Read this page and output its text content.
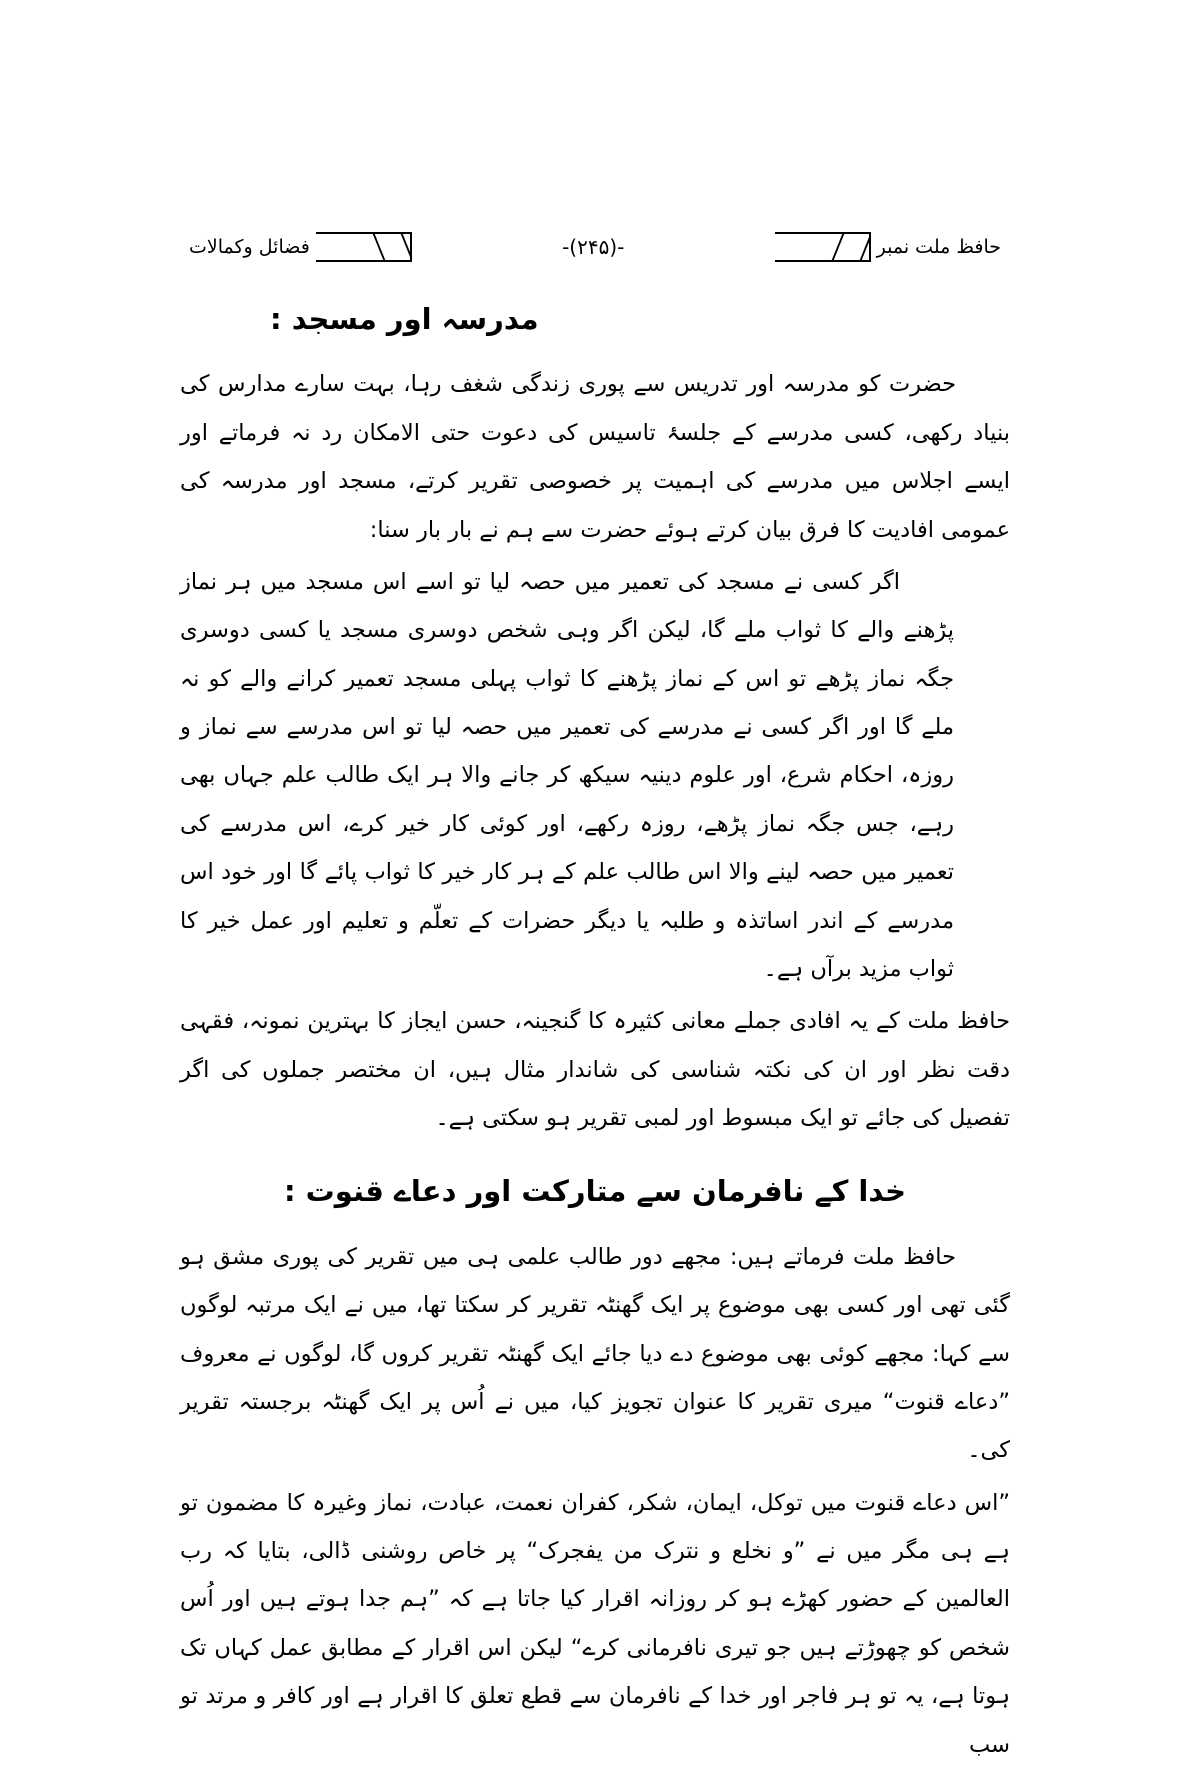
حافظ ملت نمبر
-(۲۴۵)-
فضائل وکمالات
مدرسہ اور مسجد :

حضرت کو مدرسہ اور تدریس سے پوری زندگی شغف رہا، بہت سارے مدارس کی بنیاد رکھی، کسی مدرسے کے جلسۂ تاسیس کی دعوت حتی الامکان رد نہ فرماتے اور ایسے اجلاس میں مدرسے کی اہمیت پر خصوصی تقریر کرتے، مسجد اور مدرسہ کی عمومی افادیت کا فرق بیان کرتے ہوئے حضرت سے ہم نے بار بار سنا:

اگر کسی نے مسجد کی تعمیر میں حصہ لیا تو اسے اس مسجد میں ہر نماز پڑھنے والے کا ثواب ملے گا، لیکن اگر وہی شخص دوسری مسجد یا کسی دوسری جگہ نماز پڑھے تو اس کے نماز پڑھنے کا ثواب پہلی مسجد تعمیر کرانے والے کو نہ ملے گا اور اگر کسی نے مدرسے کی تعمیر میں حصہ لیا تو اس مدرسے سے نماز و روزہ، احکام شرع، اور علوم دینیہ سیکھ کر جانے والا ہر ایک طالب علم جہاں بھی رہے، جس جگہ نماز پڑھے، روزہ رکھے، اور کوئی کار خیر کرے، اس مدرسے کی تعمیر میں حصہ لینے والا اس طالب علم کے ہر کار خیر کا ثواب پائے گا اور خود اس مدرسے کے اندر اساتذہ و طلبہ یا دیگر حضرات کے تعلّم و تعلیم اور عمل خیر کا ثواب مزید برآں ہے۔

حافظ ملت کے یہ افادی جملے معانی کثیرہ کا گنجینہ، حسن ایجاز کا بہترین نمونہ، فقہی دقت نظر اور ان کی نکتہ شناسی کی شاندار مثال ہیں، ان مختصر جملوں کی اگر تفصیل کی جائے تو ایک مبسوط اور لمبی تقریر ہو سکتی ہے۔

خدا کے نافرمان سے متارکت اور دعاے قنوت :

حافظ ملت فرماتے ہیں: مجھے دور طالب علمی ہی میں تقریر کی پوری مشق ہو گئی تھی اور کسی بھی موضوع پر ایک گھنٹہ تقریر کر سکتا تھا، میں نے ایک مرتبہ لوگوں سے کہا: مجھے کوئی بھی موضوع دے دیا جائے ایک گھنٹہ تقریر کروں گا، لوگوں نے معروف ”دعاے قنوت“ میری تقریر کا عنوان تجویز کیا، میں نے اُس پر ایک گھنٹہ برجستہ تقریر کی۔

”اس دعاے قنوت میں توکل، ایمان، شکر، کفران نعمت، عبادت، نماز وغیرہ کا مضمون تو ہے ہی مگر میں نے ”و نخلع و نترک من یفجرک“ پر خاص روشنی ڈالی، بتایا کہ رب العالمین کے حضور کھڑے ہو کر روزانہ اقرار کیا جاتا ہے کہ ”ہم جدا ہوتے ہیں اور اُس شخص کو چھوڑتے ہیں جو تیری نافرمانی کرے“ لیکن اس اقرار کے مطابق عمل کہاں تک ہوتا ہے، یہ تو ہر فاجر اور خدا کے نافرمان سے قطع تعلق کا اقرار ہے اور کافر و مرتد تو سب
